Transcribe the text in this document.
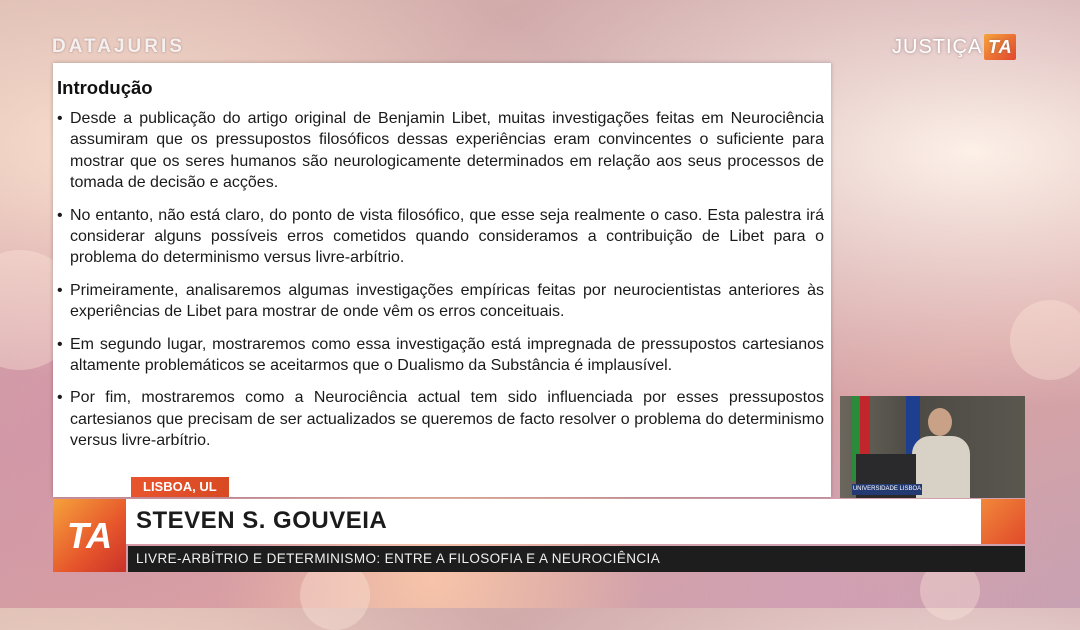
DATAJURIS	JUSTIÇA TA
Introdução
• Desde a publicação do artigo original de Benjamin Libet, muitas investigações feitas em Neurociência assumiram que os pressupostos filosóficos dessas experiências eram convincentes o suficiente para mostrar que os seres humanos são neurologicamente determinados em relação aos seus processos de tomada de decisão e acções.
• No entanto, não está claro, do ponto de vista filosófico, que esse seja realmente o caso. Esta palestra irá considerar alguns possíveis erros cometidos quando consideramos a contribuição de Libet para o problema do determinismo versus livre-arbítrio.
• Primeiramente, analisaremos algumas investigações empíricas feitas por neurocientistas anteriores às experiências de Libet para mostrar de onde vêm os erros conceituais.
• Em segundo lugar, mostraremos como essa investigação está impregnada de pressupostos cartesianos altamente problemáticos se aceitarmos que o Dualismo da Substância é implausível.
• Por fim, mostraremos como a Neurociência actual tem sido influenciada por esses pressupostos cartesianos que precisam de ser actualizados se queremos de facto resolver o problema do determinismo versus livre-arbítrio.
UNIVERSIDADE LISBOA
LISBOA, UL
TA STEVEN S. GOUVEIA
LIVRE-ARBÍTRIO E DETERMINISMO: ENTRE A FILOSOFIA E A NEUROCIÊNCIA
